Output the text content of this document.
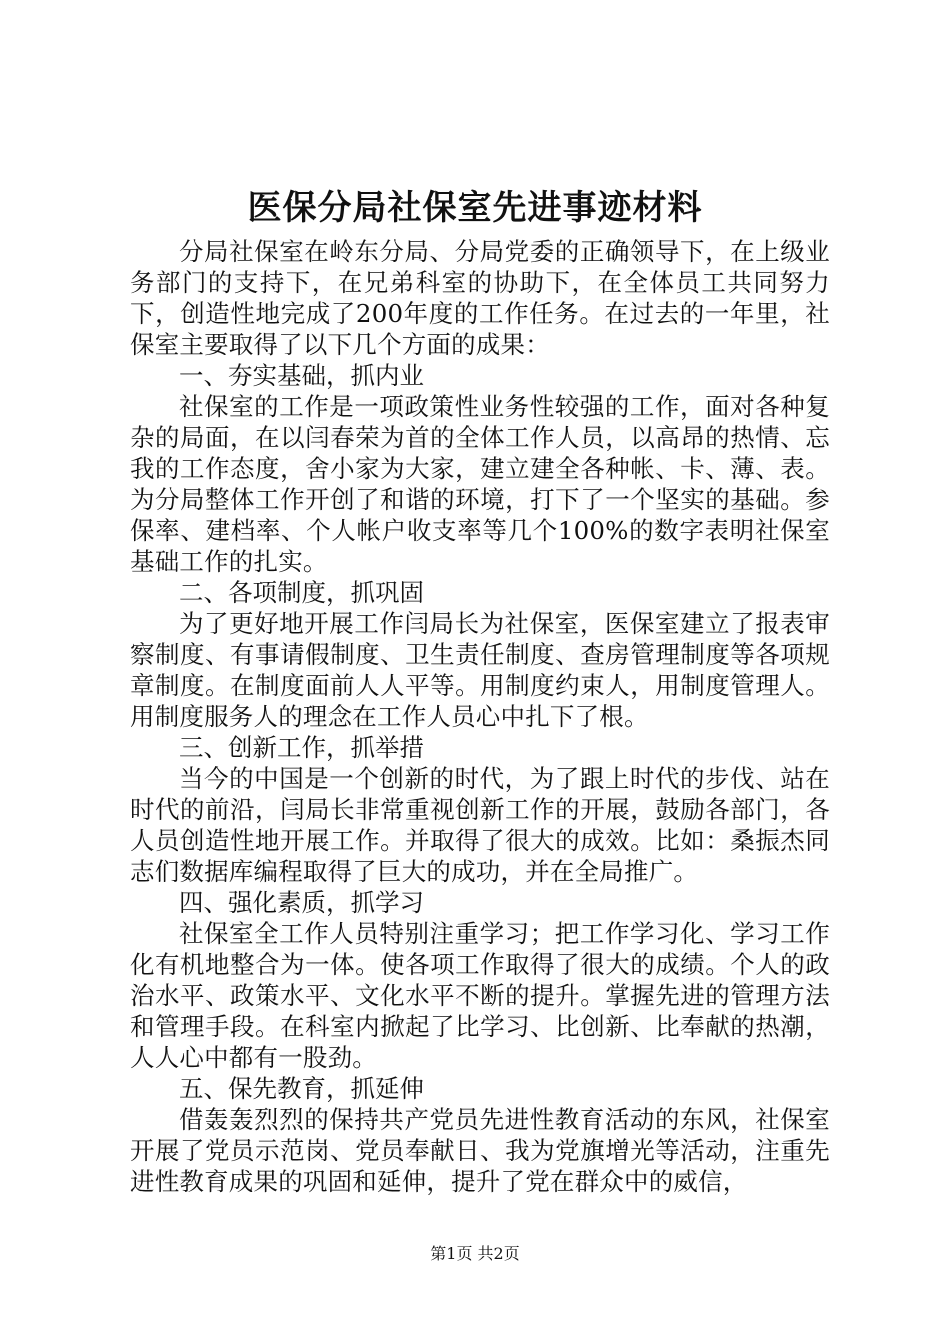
医保分局社保室先进事迹材料

分局社保室在岭东分局、分局党委的正确领导下，在上级业务部门的支持下，在兄弟科室的协助下，在全体员工共同努力下，创造性地完成了200年度的工作任务。在过去的一年里，社保室主要取得了以下几个方面的成果：

一、夯实基础，抓内业

社保室的工作是一项政策性业务性较强的工作，面对各种复杂的局面，在以闫春荣为首的全体工作人员，以高昂的热情、忘我的工作态度，舍小家为大家，建立建全各种帐、卡、薄、表。为分局整体工作开创了和谐的环境，打下了一个坚实的基础。参保率、建档率、个人帐户收支率等几个100%的数字表明社保室基础工作的扎实。

二、各项制度，抓巩固

为了更好地开展工作闫局长为社保室，医保室建立了报表审察制度、有事请假制度、卫生责任制度、查房管理制度等各项规章制度。在制度面前人人平等。用制度约束人，用制度管理人。用制度服务人的理念在工作人员心中扎下了根。

三、创新工作，抓举措

当今的中国是一个创新的时代，为了跟上时代的步伐、站在时代的前沿，闫局长非常重视创新工作的开展，鼓励各部门，各人员创造性地开展工作。并取得了很大的成效。比如：桑振杰同志们数据库编程取得了巨大的成功，并在全局推广。

四、强化素质，抓学习

社保室全工作人员特别注重学习；把工作学习化、学习工作化有机地整合为一体。使各项工作取得了很大的成绩。个人的政治水平、政策水平、文化水平不断的提升。掌握先进的管理方法和管理手段。在科室内掀起了比学习、比创新、比奉献的热潮，人人心中都有一股劲。

五、保先教育，抓延伸

借轰轰烈烈的保持共产党员先进性教育活动的东风，社保室开展了党员示范岗、党员奉献日、我为党旗增光等活动，注重先进性教育成果的巩固和延伸，提升了党在群众中的威信，

第1页 共2页
